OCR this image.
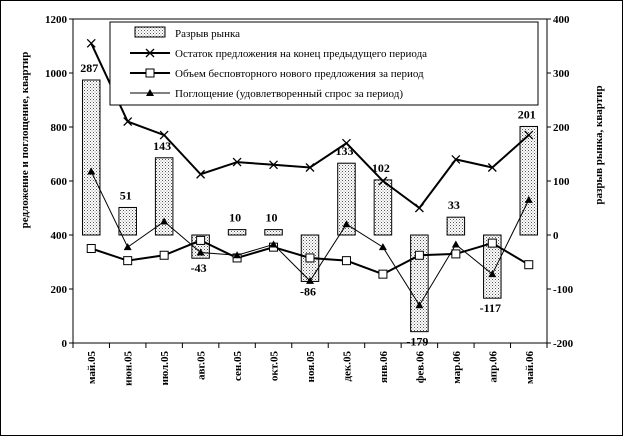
0
200
400
600
800
1000
1200
-200
-100
0
100
200
300
400
май.05 июн.05 июл.05 авг.05 сен.05 окт.05 ноя.05 дек.05 янв.06 фев.06 мар.06 апр.06 май.06
287
51
143
-43
10 10
-86
133
102
-179
33
-117
201
редложение и поглощение, квартир	разрыв рынка, квартир
Разрыв рынка
Остаток предложения на конец предыдущего периода
Объем бесповторного нового предложения за период
Поглощение (удовлетворенный спрос за период)
